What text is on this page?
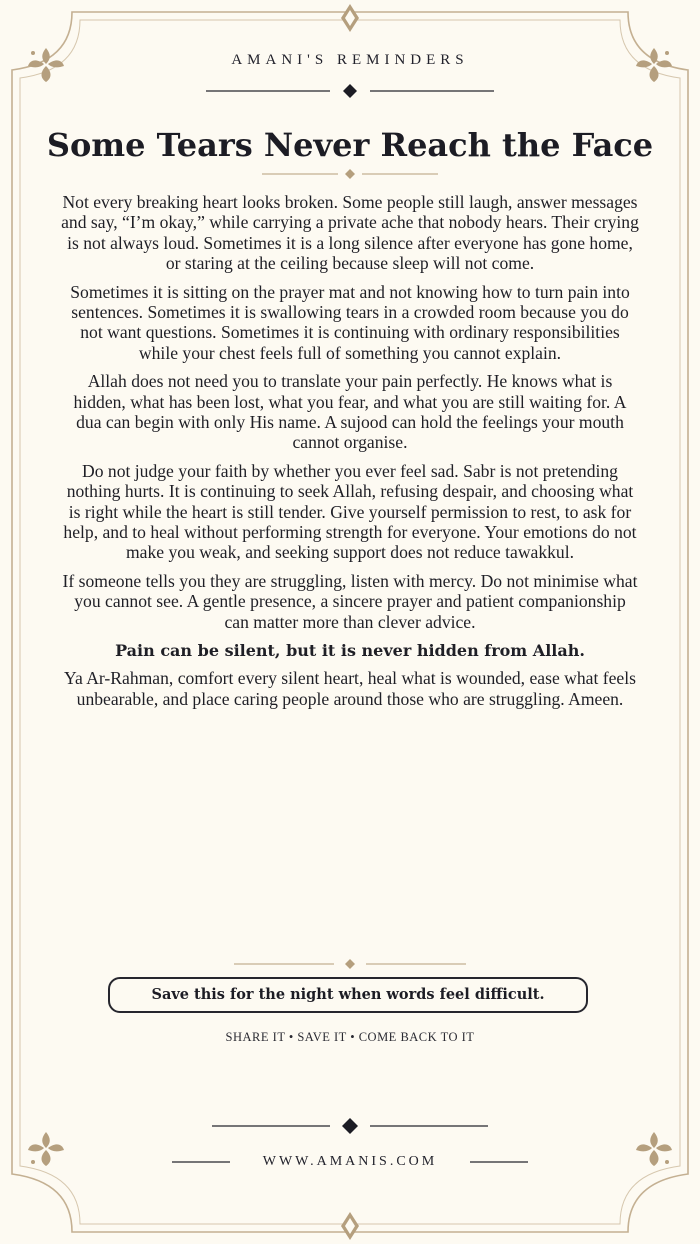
AMANI'S REMINDERS
Some Tears Never Reach the Face

Not every breaking heart looks broken. Some people still laugh, answer messages and say, “I’m okay,” while carrying a private ache that nobody hears. Their crying is not always loud. Sometimes it is a long silence after everyone has gone home, or staring at the ceiling because sleep will not come.

Sometimes it is sitting on the prayer mat and not knowing how to turn pain into sentences. Sometimes it is swallowing tears in a crowded room because you do not want questions. Sometimes it is continuing with ordinary responsibilities while your chest feels full of something you cannot explain.

Allah does not need you to translate your pain perfectly. He knows what is hidden, what has been lost, what you fear, and what you are still waiting for. A dua can begin with only His name. A sujood can hold the feelings your mouth cannot organise.

Do not judge your faith by whether you ever feel sad. Sabr is not pretending nothing hurts. It is continuing to seek Allah, refusing despair, and choosing what is right while the heart is still tender. Give yourself permission to rest, to ask for help, and to heal without performing strength for everyone. Your emotions do not make you weak, and seeking support does not reduce tawakkul.

If someone tells you they are struggling, listen with mercy. Do not minimise what you cannot see. A gentle presence, a sincere prayer and patient companionship can matter more than clever advice.

Pain can be silent, but it is never hidden from Allah.

Ya Ar-Rahman, comfort every silent heart, heal what is wounded, ease what feels unbearable, and place caring people around those who are struggling. Ameen.

Save this for the night when words feel difficult.
SHARE IT • SAVE IT • COME BACK TO IT
WWW.AMANIS.COM
